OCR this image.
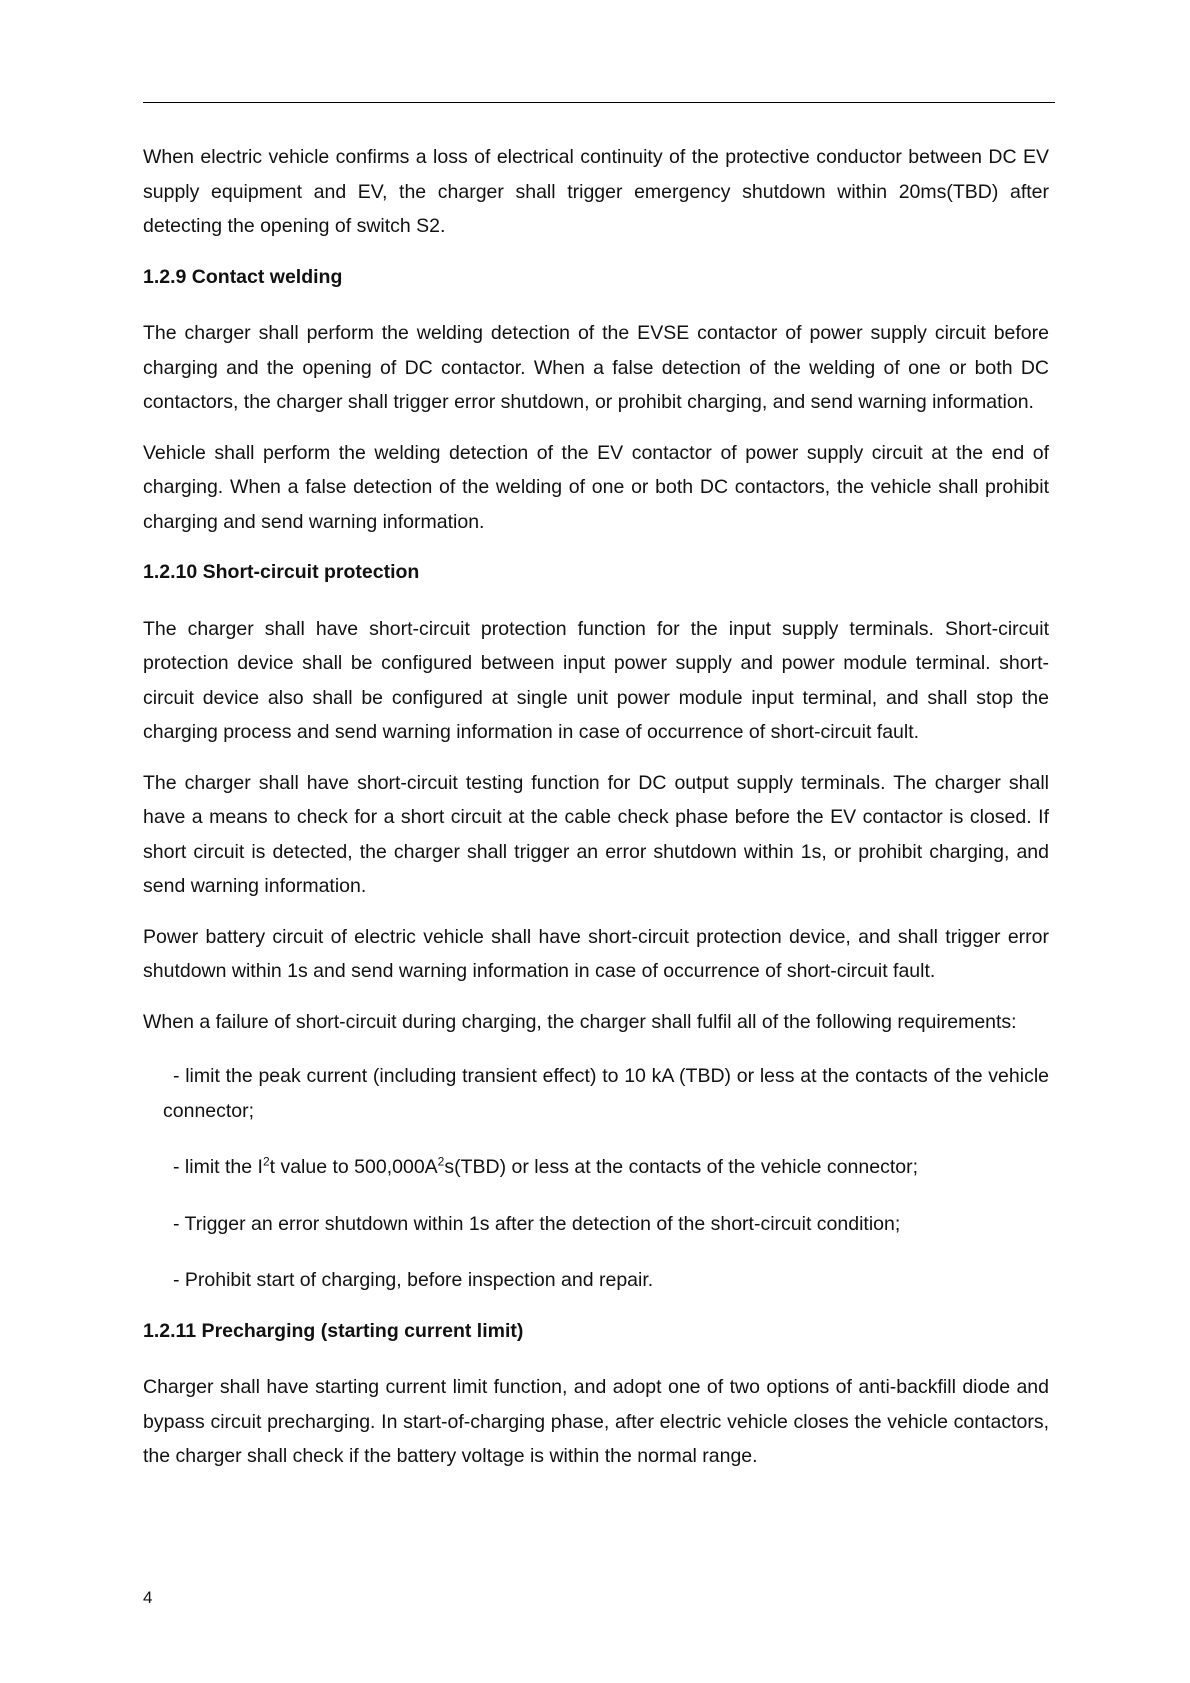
When electric vehicle confirms a loss of electrical continuity of the protective conductor between DC EV supply equipment and EV, the charger shall trigger emergency shutdown within 20ms(TBD) after detecting the opening of switch S2.

1.2.9 Contact welding

The charger shall perform the welding detection of the EVSE contactor of power supply circuit before charging and the opening of DC contactor. When a false detection of the welding of one or both DC contactors, the charger shall trigger error shutdown, or prohibit charging, and send warning information.

Vehicle shall perform the welding detection of the EV contactor of power supply circuit at the end of charging. When a false detection of the welding of one or both DC contactors, the vehicle shall prohibit charging and send warning information.

1.2.10 Short-circuit protection

The charger shall have short-circuit protection function for the input supply terminals. Short-circuit protection device shall be configured between input power supply and power module terminal. short-circuit device also shall be configured at single unit power module input terminal, and shall stop the charging process and send warning information in case of occurrence of short-circuit fault.

The charger shall have short-circuit testing function for DC output supply terminals. The charger shall have a means to check for a short circuit at the cable check phase before the EV contactor is closed. If short circuit is detected, the charger shall trigger an error shutdown within 1s, or prohibit charging, and send warning information.

Power battery circuit of electric vehicle shall have short-circuit protection device, and shall trigger error shutdown within 1s and send warning information in case of occurrence of short-circuit fault.

When a failure of short-circuit during charging, the charger shall fulfil all of the following requirements:

- limit the peak current (including transient effect) to 10 kA (TBD) or less at the contacts of the vehicle connector;
- limit the $I^2t$ value to $500,000A^2s(TBD)$ or less at the contacts of the vehicle connector;
- Trigger an error shutdown within 1s after the detection of the short-circuit condition;
- Prohibit start of charging, before inspection and repair.
1.2.11 Precharging (starting current limit)

Charger shall have starting current limit function, and adopt one of two options of anti-backfill diode and bypass circuit precharging. In start-of-charging phase, after electric vehicle closes the vehicle contactors, the charger shall check if the battery voltage is within the normal range.

4
